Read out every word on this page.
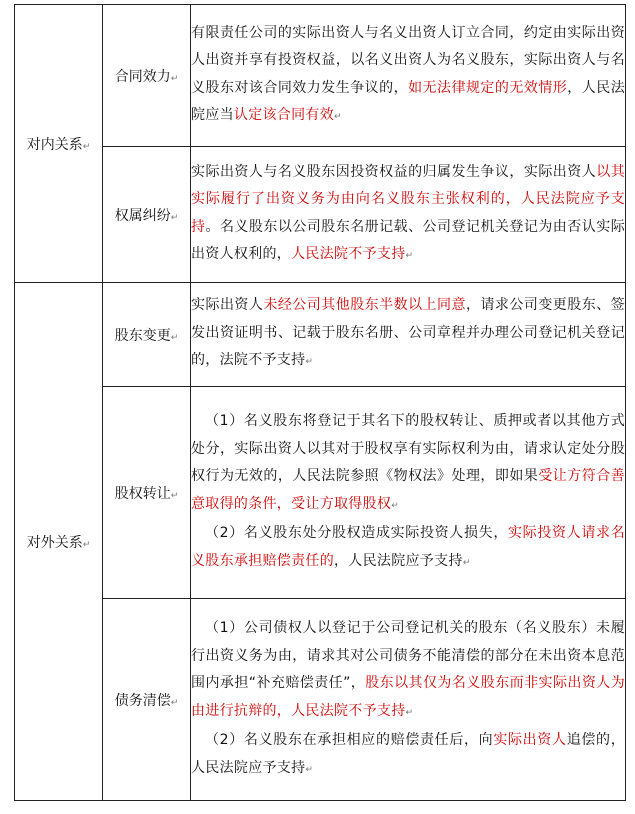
对内关系↵	合同效力↵	有限责任公司的实际出资人与名义出资人订立合同，约定由实际出资人出资并享有投资权益，以名义出资人为名义股东，实际出资人与名义股东对该合同效力发生争议的，如无法律规定的无效情形，人民法院应当认定该合同有效↵
	权属纠纷↵	实际出资人与名义股东因投资权益的归属发生争议，实际出资人以其实际履行了出资义务为由向名义股东主张权利的，人民法院应予支持。名义股东以公司股东名册记载、公司登记机关登记为由否认实际出资人权利的，人民法院不予支持↵
对外关系↵	股东变更↵	实际出资人未经公司其他股东半数以上同意，请求公司变更股东、签发出资证明书、记载于股东名册、公司章程并办理公司登记机关登记的，法院不予支持↵
	股权转让↵	（1）名义股东将登记于其名下的股权转让、质押或者以其他方式处分，实际出资人以其对于股权享有实际权利为由，请求认定处分股权行为无效的，人民法院参照《物权法》处理，即如果受让方符合善意取得的条件，受让方取得股权↵

（2）名义股东处分股权造成实际投资人损失，实际投资人请求名义股东承担赔偿责任的，人民法院应予支持↵

	债务清偿↵	（1）公司债权人以登记于公司登记机关的股东（名义股东）未履行出资义务为由，请求其对公司债务不能清偿的部分在未出资本息范围内承担“补充赔偿责任”，股东以其仅为名义股东而非实际出资人为由进行抗辩的，人民法院不予支持↵

（2）名义股东在承担相应的赔偿责任后，向实际出资人追偿的，人民法院应予支持↵
